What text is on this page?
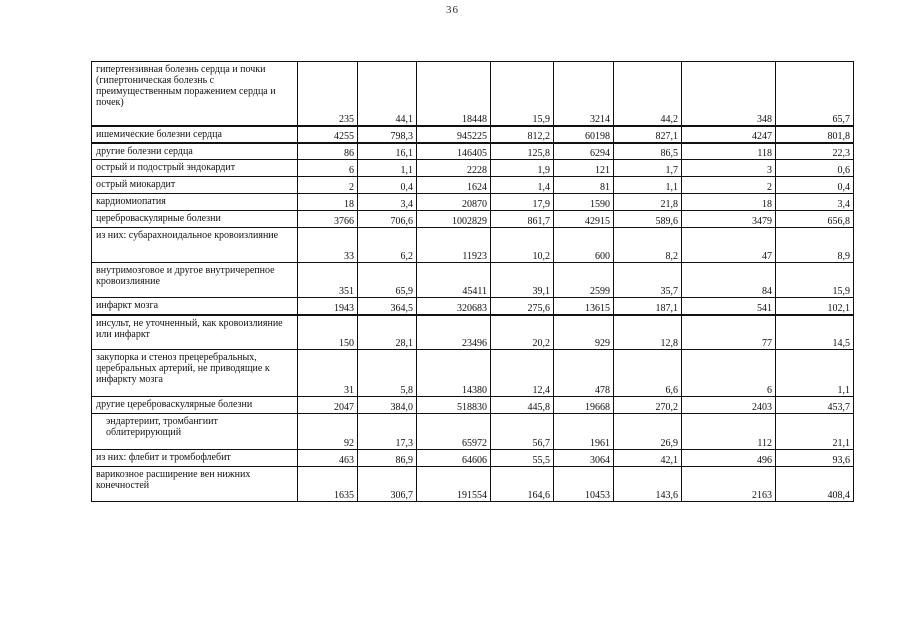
36
гипертензивная болезнь сердца и почки (гипертоническая болезнь с преимущественным поражением сердца и почек)	235	44,1	18448	15,9	3214	44,2	348	65,7
ишемические болезни сердца	4255	798,3	945225	812,2	60198	827,1	4247	801,8
другие болезни сердца	86	16,1	146405	125,8	6294	86,5	118	22,3
острый и подострый эндокардит	6	1,1	2228	1,9	121	1,7	3	0,6
острый миокардит	2	0,4	1624	1,4	81	1,1	2	0,4
кардиомиопатия	18	3,4	20870	17,9	1590	21,8	18	3,4
цереброваскулярные болезни	3766	706,6	1002829	861,7	42915	589,6	3479	656,8
из них: субарахноидальное кровоизлияние	33	6,2	11923	10,2	600	8,2	47	8,9
внутримозговое и другое внутричерепное кровоизлияние	351	65,9	45411	39,1	2599	35,7	84	15,9
инфаркт мозга	1943	364,5	320683	275,6	13615	187,1	541	102,1
инсульт, не уточненный, как кровоизлияние или инфаркт	150	28,1	23496	20,2	929	12,8	77	14,5
закупорка и стеноз прецеребральных, церебральных артерий, не приводящие к инфаркту мозга	31	5,8	14380	12,4	478	6,6	6	1,1
другие цереброваскулярные болезни	2047	384,0	518830	445,8	19668	270,2	2403	453,7
эндартериит, тромбангиит облитерирующий	92	17,3	65972	56,7	1961	26,9	112	21,1
из них: флебит и тромбофлебит	463	86,9	64606	55,5	3064	42,1	496	93,6
варикозное расширение вен нижних конечностей	1635	306,7	191554	164,6	10453	143,6	2163	408,4
